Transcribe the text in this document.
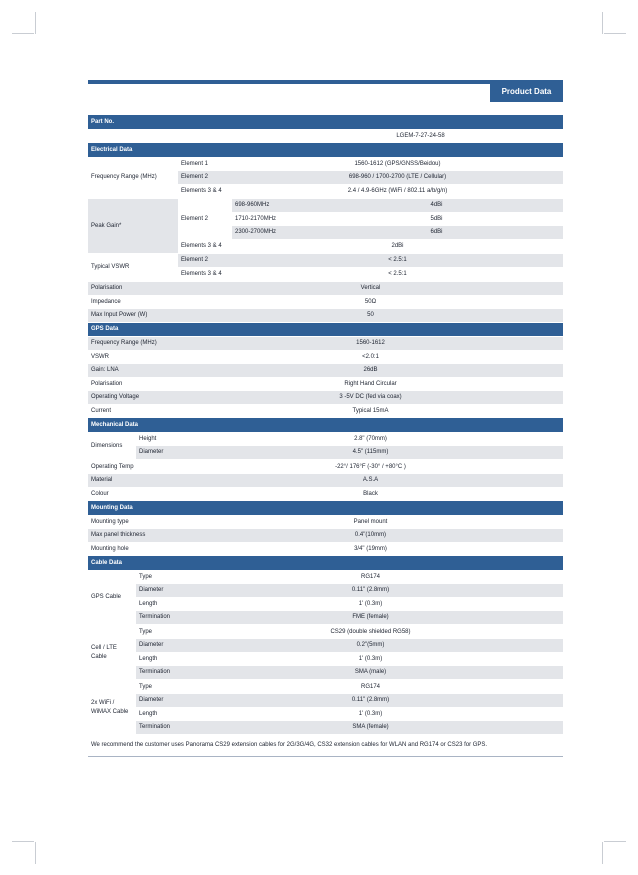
Product Data
Part No.
LGEM-7-27-24-58
Electrical Data
Frequency Range (MHz)
Element 1	1560-1612 (GPS/GNSS/Beidou)
Element 2	698-960 / 1700-2700 (LTE / Cellular)
Elements 3 & 4	2.4 / 4.9-6GHz (WiFi / 802.11 a/b/g/n)
Peak Gain*
Element 2
698-960MHz	4dBi
1710-2170MHz	5dBi
2300-2700MHz	6dBi
Elements 3 & 4	2dBi
Typical VSWR
Element 2	< 2.5:1
Elements 3 & 4	< 2.5:1
Polarisation	Vertical
Impedance	50Ω
Max Input Power (W)	50
GPS Data
Frequency Range (MHz)	1560-1612
VSWR	<2.0:1
Gain: LNA	26dB
Polarisation	Right Hand Circular
Operating Voltage	3 -5V DC (fed via coax)
Current	Typical 15mA
Mechanical Data
Dimensions
Height	2.8" (70mm)
Diameter	4.5" (115mm)
Operating Temp	-22°/ 176°F (-30° / +80°C )
Material	A.S.A
Colour	Black
Mounting Data
Mounting type	Panel mount
Max panel thickness	0.4"(10mm)
Mounting hole	3/4" (19mm)
Cable Data
GPS Cable
Type	RG174
Diameter	0.11" (2.8mm)
Length	1' (0.3m)
Termination	FME (female)
Cell / LTE
Cable
Type	CS29 (double shielded RG58)
Diameter	0.2"(5mm)
Length	1' (0.3m)
Termination	SMA (male)
2x WiFi /
WiMAX Cable
Type	RG174
Diameter	0.11" (2.8mm)
Length	1' (0.3m)
Termination	SMA (female)
We recommend the customer uses Panorama CS29 extension cables for 2G/3G/4G, CS32 extension cables for WLAN and RG174 or CS23 for GPS.
